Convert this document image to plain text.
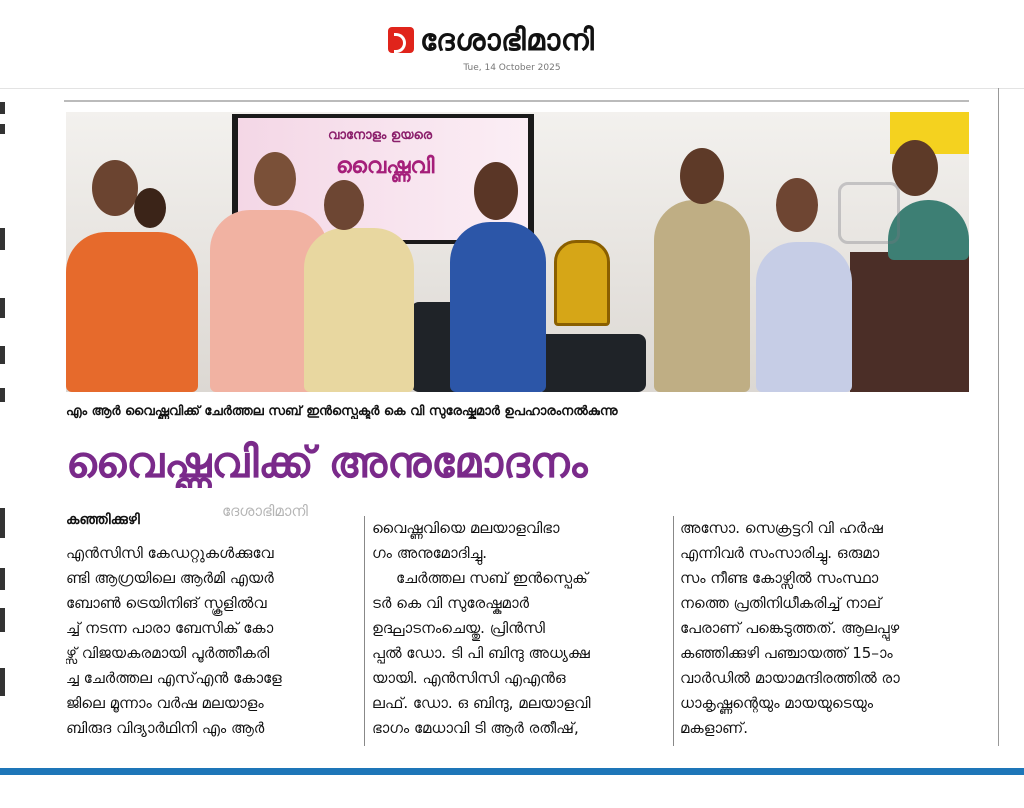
ദേശാഭിമാനി
Tue, 14 October 2025
വാനോളം ഉയരെ
വൈഷ്ണവി
എം ആർ വൈഷ്ണവിക്ക് ചേർത്തല സബ് ഇൻസ്പെക്ടർ കെ വി സുരേഷ്കുമാർ ഉപഹാരംനൽകുന്നു
വൈഷ്ണവിക്ക് അനുമോദനം
ദേശാഭിമാനി
കഞ്ഞിക്കുഴി

എൻസിസി കേഡറ്റുകൾക്കുവേ

ണ്ടി ആഗ്രയിലെ ആർമി എയർ

ബോൺ ട്രെയിനിങ് സ്കൂളിൽവ

ച്ച് നടന്ന പാരാ ബേസിക് കോ

ഴ്സ് വിജയകരമായി പൂർത്തീകരി

ച്ച ചേർത്തല എസ്എൻ കോളേ

ജിലെ മൂന്നാം വർഷ മലയാളം

ബിരുദ വിദ്യാർഥിനി എം ആർ

വൈഷ്ണവിയെ മലയാളവിഭാ

ഗം അനുമോദിച്ചു.

ചേർത്തല സബ് ഇൻസ്പെക്

ടർ കെ വി സുരേഷ്കുമാർ

ഉദ്ഘാടനംചെയ്തു. പ്രിൻസി

പ്പൽ ഡോ. ടി പി ബിന്ദു അധ്യക്ഷ

യായി. എൻസിസി എഎൻഒ

ലഫ്. ഡോ. ഒ ബിന്ദു, മലയാളവി

ഭാഗം മേധാവി ടി ആർ രതീഷ്,

അസോ. സെക്രട്ടറി വി ഹർഷ

എന്നിവർ സംസാരിച്ചു. ഒരുമാ

സം നീണ്ട കോഴ്സിൽ സംസ്ഥാ

നത്തെ പ്രതിനിധീകരിച്ച് നാല്

പേരാണ് പങ്കെടുത്തത്. ആലപ്പുഴ

കഞ്ഞിക്കുഴി പഞ്ചായത്ത് 15–ാം

വാർഡിൽ മായാമന്ദിരത്തിൽ രാ

ധാകൃഷ്ണന്റെയും മായയുടെയും

മകളാണ്.
